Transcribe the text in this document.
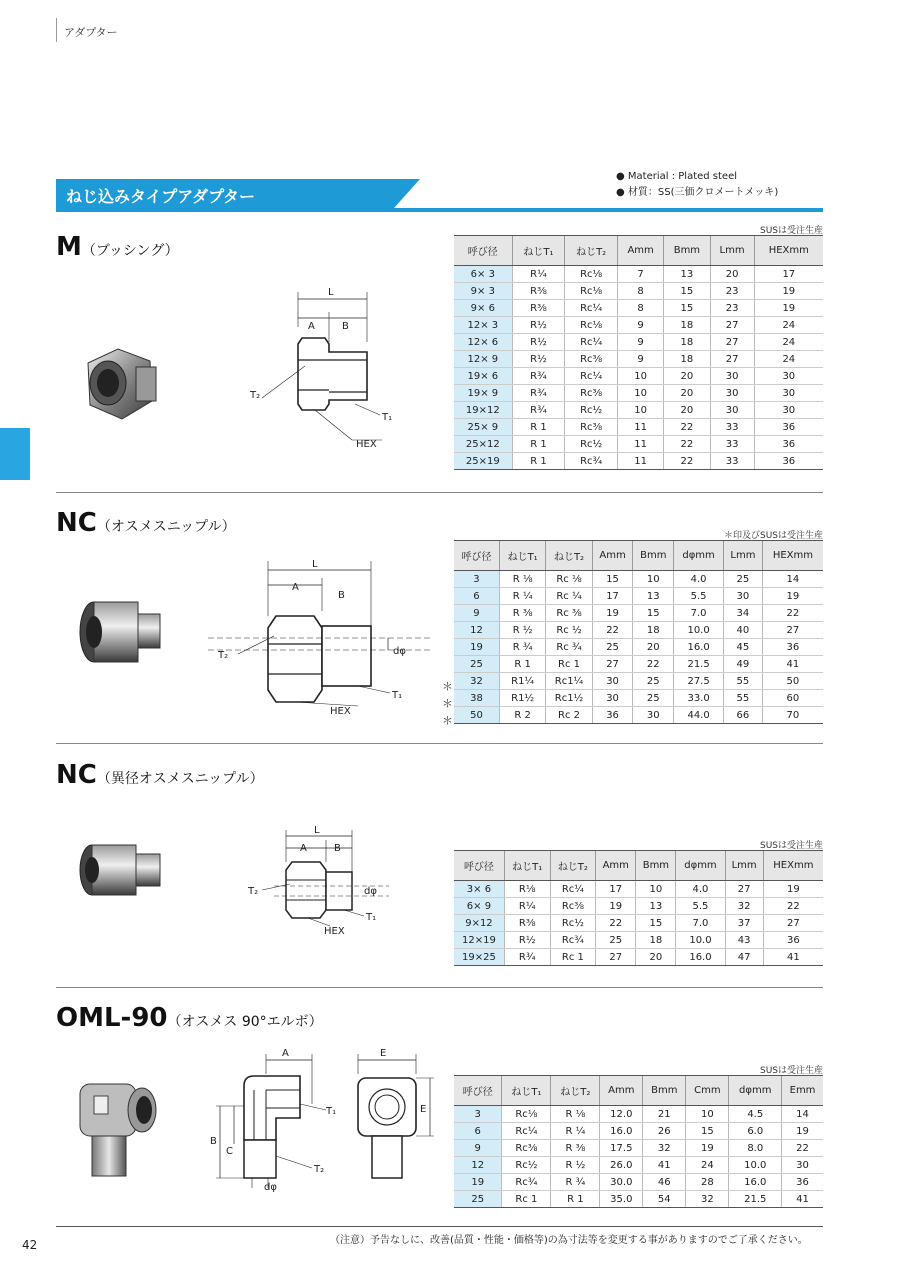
アダプター
ねじ込みタイプアダプター
● Material : Plated steel
● 材質：SS(三価クロメートメッキ)
M（ブッシング）
SUSは受注生産
L
A	B
T₂
T₁
HEX
呼び径	ねじT₁	ねじT₂	Amm	Bmm	Lmm	HEXmm
6× 3	R¼	Rc⅛	7	13	20	17
9× 3	R⅜	Rc⅛	8	15	23	19
9× 6	R⅜	Rc¼	8	15	23	19
12× 3	R½	Rc⅛	9	18	27	24
12× 6	R½	Rc¼	9	18	27	24
12× 9	R½	Rc⅜	9	18	27	24
19× 6	R¾	Rc¼	10	20	30	30
19× 9	R¾	Rc⅜	10	20	30	30
19×12	R¾	Rc½	10	20	30	30
25× 9	R 1	Rc⅜	11	22	33	36
25×12	R 1	Rc½	11	22	33	36
25×19	R 1	Rc¾	11	22	33	36
NC（オスメスニップル）
＊印及びSUSは受注生産
L
A
B
dφ
T₂
T₁
HEX
呼び径	ねじT₁	ねじT₂	Amm	Bmm	dφmm	Lmm	HEXmm
3	R ⅛	Rc ⅛	15	10	4.0	25	14
6	R ¼	Rc ¼	17	13	5.5	30	19
9	R ⅜	Rc ⅜	19	15	7.0	34	22
12	R ½	Rc ½	22	18	10.0	40	27
19	R ¾	Rc ¾	25	20	16.0	45	36
25	R 1	Rc 1	27	22	21.5	49	41
32	R1¼	Rc1¼	30	25	27.5	55	50
38	R1½	Rc1½	30	25	33.0	55	60
50	R 2	Rc 2	36	30	44.0	66	70
＊
＊
＊
NC（異径オスメスニップル）
SUSは受注生産
L
A	B
dφ
T₂
T₁
HEX
呼び径	ねじT₁	ねじT₂	Amm	Bmm	dφmm	Lmm	HEXmm
3× 6	R⅛	Rc¼	17	10	4.0	27	19
6× 9	R¼	Rc⅜	19	13	5.5	32	22
9×12	R⅜	Rc½	22	15	7.0	37	27
12×19	R½	Rc¾	25	18	10.0	43	36
19×25	R¾	Rc 1	27	20	16.0	47	41
OML-90（オスメス 90°エルボ）
SUSは受注生産
A
B
C
T₁
T₂
dφ
E
E
呼び径	ねじT₁	ねじT₂	Amm	Bmm	Cmm	dφmm	Emm
3	Rc⅛	R ⅛	12.0	21	10	4.5	14
6	Rc¼	R ¼	16.0	26	15	6.0	19
9	Rc⅜	R ⅜	17.5	32	19	8.0	22
12	Rc½	R ½	26.0	41	24	10.0	30
19	Rc¾	R ¾	30.0	46	28	16.0	36
25	Rc 1	R 1	35.0	54	32	21.5	41
（注意）予告なしに、改善(品質・性能・価格等)の為寸法等を変更する事がありますのでご了承ください。
42
